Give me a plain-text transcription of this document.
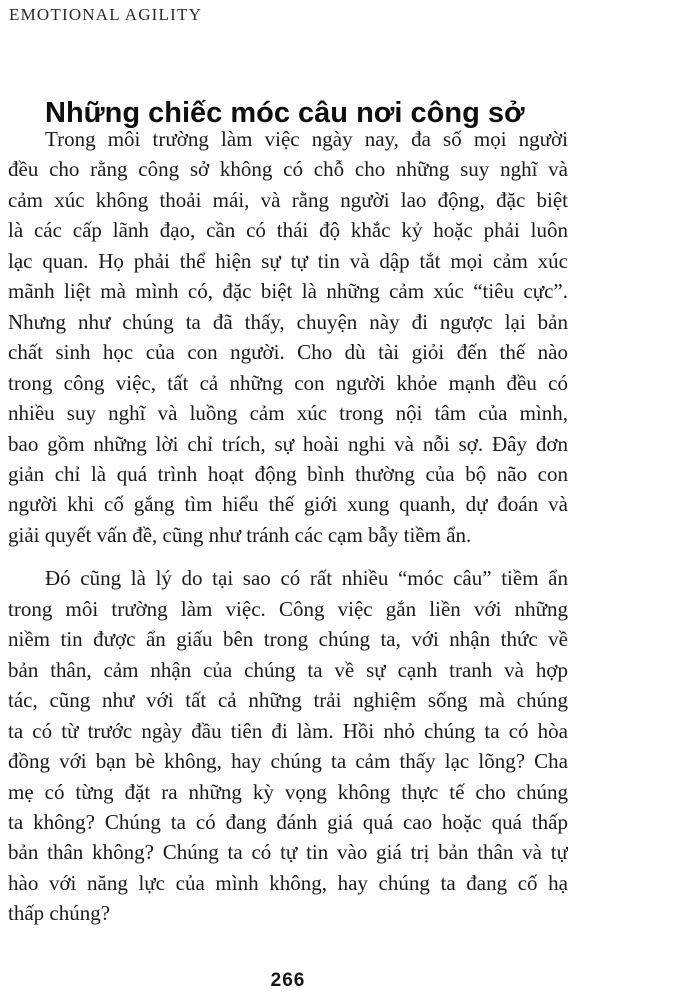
EMOTIONAL AGILITY
Những chiếc móc câu nơi công sở
Trong môi trường làm việc ngày nay, đa số mọi người
đều cho rằng công sở không có chỗ cho những suy nghĩ và
cảm xúc không thoải mái, và rằng người lao động, đặc biệt
là các cấp lãnh đạo, cần có thái độ khắc kỷ hoặc phải luôn
lạc quan. Họ phải thể hiện sự tự tin và dập tắt mọi cảm xúc
mãnh liệt mà mình có, đặc biệt là những cảm xúc “tiêu cực”.
Nhưng như chúng ta đã thấy, chuyện này đi ngược lại bản
chất sinh học của con người. Cho dù tài giỏi đến thế nào
trong công việc, tất cả những con người khỏe mạnh đều có
nhiều suy nghĩ và luồng cảm xúc trong nội tâm của mình,
bao gồm những lời chỉ trích, sự hoài nghi và nỗi sợ. Đây đơn
giản chỉ là quá trình hoạt động bình thường của bộ não con
người khi cố gắng tìm hiểu thế giới xung quanh, dự đoán và
giải quyết vấn đề, cũng như tránh các cạm bẫy tiềm ẩn.
Đó cũng là lý do tại sao có rất nhiều “móc câu” tiềm ẩn
trong môi trường làm việc. Công việc gắn liền với những
niềm tin được ẩn giấu bên trong chúng ta, với nhận thức về
bản thân, cảm nhận của chúng ta về sự cạnh tranh và hợp
tác, cũng như với tất cả những trải nghiệm sống mà chúng
ta có từ trước ngày đầu tiên đi làm. Hồi nhỏ chúng ta có hòa
đồng với bạn bè không, hay chúng ta cảm thấy lạc lõng? Cha
mẹ có từng đặt ra những kỳ vọng không thực tế cho chúng
ta không? Chúng ta có đang đánh giá quá cao hoặc quá thấp
bản thân không? Chúng ta có tự tin vào giá trị bản thân và tự
hào với năng lực của mình không, hay chúng ta đang cố hạ
thấp chúng?
266
